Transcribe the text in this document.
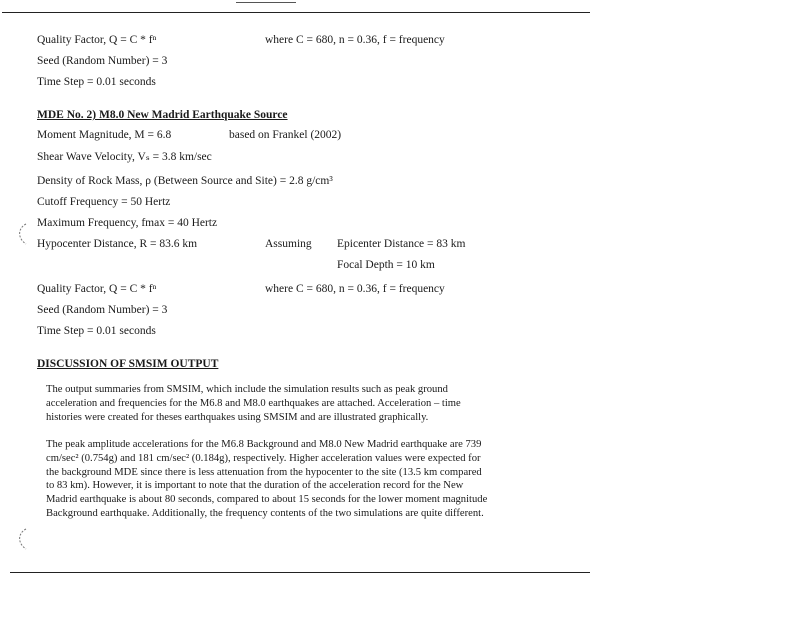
Quality Factor, Q = C * fⁿ	where C = 680, n = 0.36, f = frequency
Seed (Random Number) = 3
Time Step = 0.01 seconds
MDE No. 2) M8.0 New Madrid Earthquake Source
Moment Magnitude, M = 6.8	based on Frankel (2002)
Shear Wave Velocity, Vₛ = 3.8 km/sec
Density of Rock Mass, ρ (Between Source and Site) = 2.8 g/cm³
Cutoff Frequency = 50 Hertz
Maximum Frequency, fmax = 40 Hertz
Hypocenter Distance, R = 83.6 km	Assuming Epicenter Distance = 83 km
Focal Depth = 10 km
Quality Factor, Q = C * fⁿ	where C = 680, n = 0.36, f = frequency
Seed (Random Number) = 3
Time Step = 0.01 seconds
DISCUSSION OF SMSIM OUTPUT
The output summaries from SMSIM, which include the simulation results such as peak ground
acceleration and frequencies for the M6.8 and M8.0 earthquakes are attached. Acceleration – time
histories were created for theses earthquakes using SMSIM and are illustrated graphically.
The peak amplitude accelerations for the M6.8 Background and M8.0 New Madrid earthquake are 739
cm/sec² (0.754g) and 181 cm/sec² (0.184g), respectively. Higher acceleration values were expected for
the background MDE since there is less attenuation from the hypocenter to the site (13.5 km compared
to 83 km). However, it is important to note that the duration of the acceleration record for the New
Madrid earthquake is about 80 seconds, compared to about 15 seconds for the lower moment magnitude
Background earthquake. Additionally, the frequency contents of the two simulations are quite different.
